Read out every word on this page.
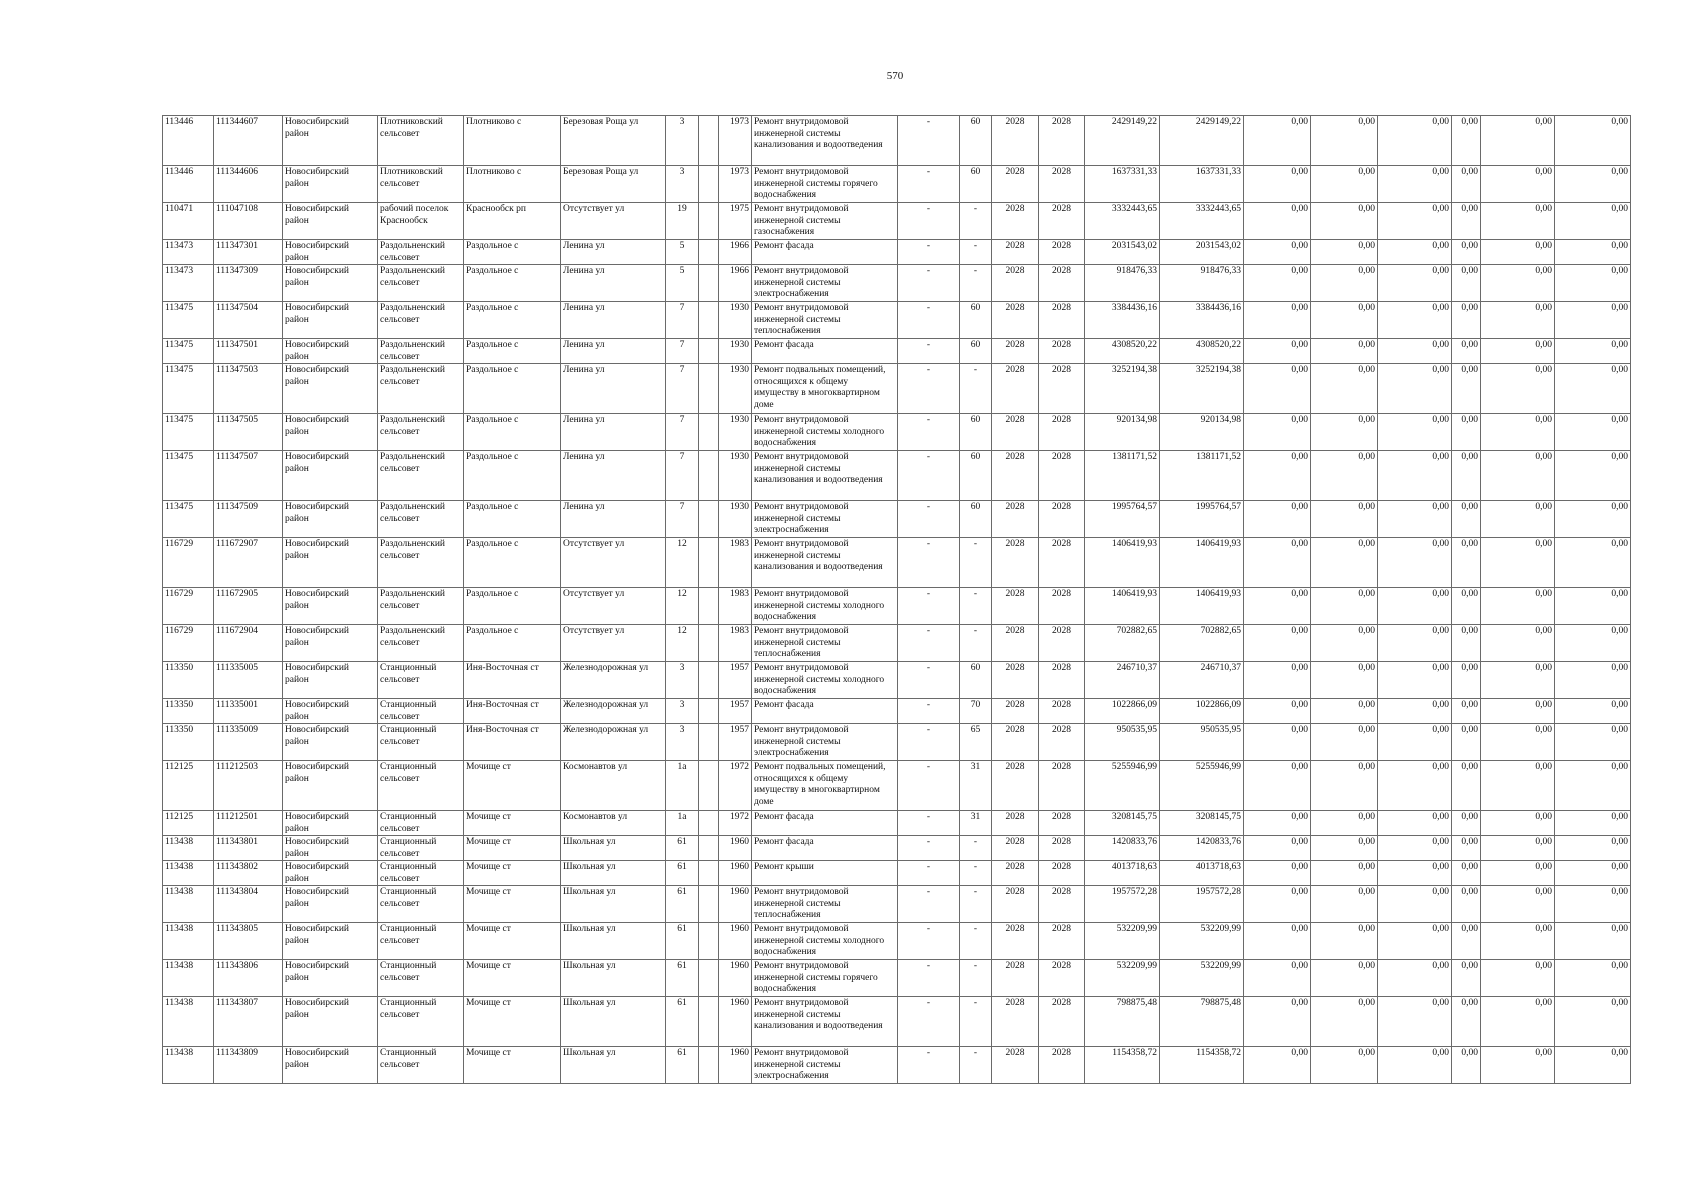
570
113446	111344607	Новосибирский район	Плотниковский сельсовет	Плотниково с	Березовая Роща ул	3		1973	Ремонт внутридомовой инженерной системы канализования и водоотведения	-	60	2028	2028	2429149,22	2429149,22	0,00	0,00	0,00	0,00	0,00	0,00
113446	111344606	Новосибирский район	Плотниковский сельсовет	Плотниково с	Березовая Роща ул	3		1973	Ремонт внутридомовой инженерной системы горячего водоснабжения	-	60	2028	2028	1637331,33	1637331,33	0,00	0,00	0,00	0,00	0,00	0,00
110471	111047108	Новосибирский район	рабочий поселок Краснообск	Краснообск рп	Отсутствует ул	19		1975	Ремонт внутридомовой инженерной системы газоснабжения	-	-	2028	2028	3332443,65	3332443,65	0,00	0,00	0,00	0,00	0,00	0,00
113473	111347301	Новосибирский район	Раздольненский сельсовет	Раздольное с	Ленина ул	5		1966	Ремонт фасада	-	-	2028	2028	2031543,02	2031543,02	0,00	0,00	0,00	0,00	0,00	0,00
113473	111347309	Новосибирский район	Раздольненский сельсовет	Раздольное с	Ленина ул	5		1966	Ремонт внутридомовой инженерной системы электроснабжения	-	-	2028	2028	918476,33	918476,33	0,00	0,00	0,00	0,00	0,00	0,00
113475	111347504	Новосибирский район	Раздольненский сельсовет	Раздольное с	Ленина ул	7		1930	Ремонт внутридомовой инженерной системы теплоснабжения	-	60	2028	2028	3384436,16	3384436,16	0,00	0,00	0,00	0,00	0,00	0,00
113475	111347501	Новосибирский район	Раздольненский сельсовет	Раздольное с	Ленина ул	7		1930	Ремонт фасада	-	60	2028	2028	4308520,22	4308520,22	0,00	0,00	0,00	0,00	0,00	0,00
113475	111347503	Новосибирский район	Раздольненский сельсовет	Раздольное с	Ленина ул	7		1930	Ремонт подвальных помещений, относящихся к общему имуществу в многоквартирном доме	-	-	2028	2028	3252194,38	3252194,38	0,00	0,00	0,00	0,00	0,00	0,00
113475	111347505	Новосибирский район	Раздольненский сельсовет	Раздольное с	Ленина ул	7		1930	Ремонт внутридомовой инженерной системы холодного водоснабжения	-	60	2028	2028	920134,98	920134,98	0,00	0,00	0,00	0,00	0,00	0,00
113475	111347507	Новосибирский район	Раздольненский сельсовет	Раздольное с	Ленина ул	7		1930	Ремонт внутридомовой инженерной системы канализования и водоотведения	-	60	2028	2028	1381171,52	1381171,52	0,00	0,00	0,00	0,00	0,00	0,00
113475	111347509	Новосибирский район	Раздольненский сельсовет	Раздольное с	Ленина ул	7		1930	Ремонт внутридомовой инженерной системы электроснабжения	-	60	2028	2028	1995764,57	1995764,57	0,00	0,00	0,00	0,00	0,00	0,00
116729	111672907	Новосибирский район	Раздольненский сельсовет	Раздольное с	Отсутствует ул	12		1983	Ремонт внутридомовой инженерной системы канализования и водоотведения	-	-	2028	2028	1406419,93	1406419,93	0,00	0,00	0,00	0,00	0,00	0,00
116729	111672905	Новосибирский район	Раздольненский сельсовет	Раздольное с	Отсутствует ул	12		1983	Ремонт внутридомовой инженерной системы холодного водоснабжения	-	-	2028	2028	1406419,93	1406419,93	0,00	0,00	0,00	0,00	0,00	0,00
116729	111672904	Новосибирский район	Раздольненский сельсовет	Раздольное с	Отсутствует ул	12		1983	Ремонт внутридомовой инженерной системы теплоснабжения	-	-	2028	2028	702882,65	702882,65	0,00	0,00	0,00	0,00	0,00	0,00
113350	111335005	Новосибирский район	Станционный сельсовет	Иня-Восточная ст	Железнодорожная ул	3		1957	Ремонт внутридомовой инженерной системы холодного водоснабжения	-	60	2028	2028	246710,37	246710,37	0,00	0,00	0,00	0,00	0,00	0,00
113350	111335001	Новосибирский район	Станционный сельсовет	Иня-Восточная ст	Железнодорожная ул	3		1957	Ремонт фасада	-	70	2028	2028	1022866,09	1022866,09	0,00	0,00	0,00	0,00	0,00	0,00
113350	111335009	Новосибирский район	Станционный сельсовет	Иня-Восточная ст	Железнодорожная ул	3		1957	Ремонт внутридомовой инженерной системы электроснабжения	-	65	2028	2028	950535,95	950535,95	0,00	0,00	0,00	0,00	0,00	0,00
112125	111212503	Новосибирский район	Станционный сельсовет	Мочище ст	Космонавтов ул	1а		1972	Ремонт подвальных помещений, относящихся к общему имуществу в многоквартирном доме	-	31	2028	2028	5255946,99	5255946,99	0,00	0,00	0,00	0,00	0,00	0,00
112125	111212501	Новосибирский район	Станционный сельсовет	Мочище ст	Космонавтов ул	1а		1972	Ремонт фасада	-	31	2028	2028	3208145,75	3208145,75	0,00	0,00	0,00	0,00	0,00	0,00
113438	111343801	Новосибирский район	Станционный сельсовет	Мочище ст	Школьная ул	61		1960	Ремонт фасада	-	-	2028	2028	1420833,76	1420833,76	0,00	0,00	0,00	0,00	0,00	0,00
113438	111343802	Новосибирский район	Станционный сельсовет	Мочище ст	Школьная ул	61		1960	Ремонт крыши	-	-	2028	2028	4013718,63	4013718,63	0,00	0,00	0,00	0,00	0,00	0,00
113438	111343804	Новосибирский район	Станционный сельсовет	Мочище ст	Школьная ул	61		1960	Ремонт внутридомовой инженерной системы теплоснабжения	-	-	2028	2028	1957572,28	1957572,28	0,00	0,00	0,00	0,00	0,00	0,00
113438	111343805	Новосибирский район	Станционный сельсовет	Мочище ст	Школьная ул	61		1960	Ремонт внутридомовой инженерной системы холодного водоснабжения	-	-	2028	2028	532209,99	532209,99	0,00	0,00	0,00	0,00	0,00	0,00
113438	111343806	Новосибирский район	Станционный сельсовет	Мочище ст	Школьная ул	61		1960	Ремонт внутридомовой инженерной системы горячего водоснабжения	-	-	2028	2028	532209,99	532209,99	0,00	0,00	0,00	0,00	0,00	0,00
113438	111343807	Новосибирский район	Станционный сельсовет	Мочище ст	Школьная ул	61		1960	Ремонт внутридомовой инженерной системы канализования и водоотведения	-	-	2028	2028	798875,48	798875,48	0,00	0,00	0,00	0,00	0,00	0,00
113438	111343809	Новосибирский район	Станционный сельсовет	Мочище ст	Школьная ул	61		1960	Ремонт внутридомовой инженерной системы электроснабжения	-	-	2028	2028	1154358,72	1154358,72	0,00	0,00	0,00	0,00	0,00	0,00
